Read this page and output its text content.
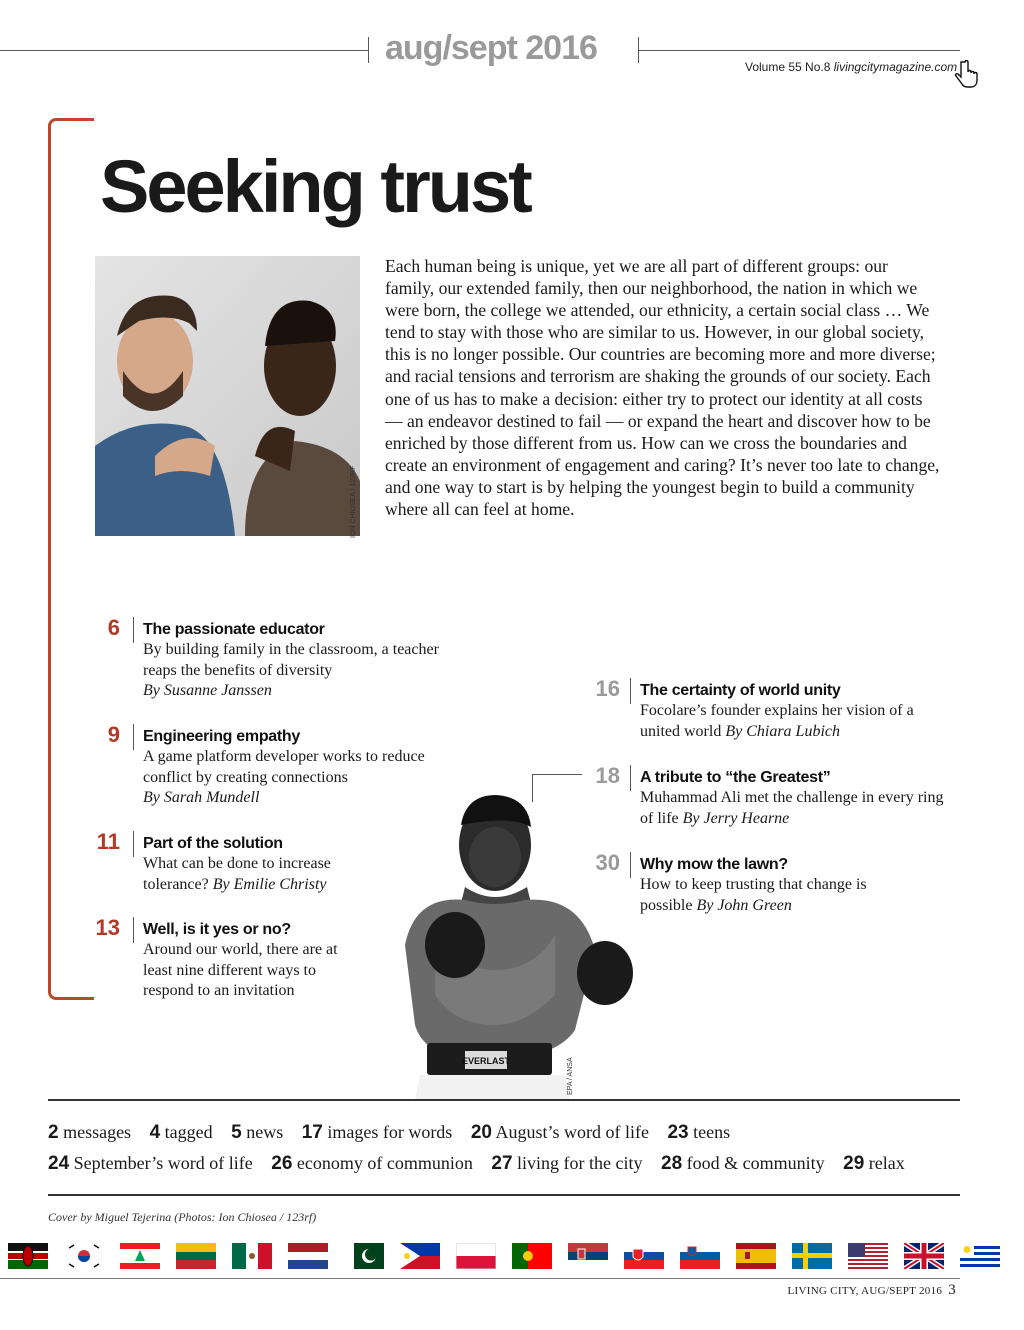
aug/sept 2016	Volume 55 No.8 livingcitymagazine.com
Seeking trust
ION CHIOSEA / 123RF
Each human being is unique, yet we are all part of different groups: our family, our extended family, then our neighborhood, the nation in which we were born, the college we attended, our ethnicity, a certain social class … We tend to stay with those who are similar to us. However, in our global society, this is no longer possible. Our countries are becoming more and more diverse; and racial tensions and terrorism are shaking the grounds of our society. Each one of us has to make a decision: either try to protect our identity at all costs — an endeavor destined to fail — or expand the heart and discover how to be enriched by those different from us. How can we cross the boundaries and create an environment of engagement and caring? It’s never too late to change, and one way to start is by helping the youngest begin to build a community where all can feel at home.
EVERLAST	EPA / ANSA
6 The passionate educator
By building family in the classroom, a teacher reaps the benefits of diversity
By Susanne Janssen
9 Engineering empathy
A game platform developer works to reduce conflict by creating connections
By Sarah Mundell
11 Part of the solution
What can be done to increase tolerance? By Emilie Christy
13 Well, is it yes or no?
Around our world, there are at least nine different ways to respond to an invitation
16 The certainty of world unity
Focolare’s founder explains her vision of a united world By Chiara Lubich
18 A tribute to “the Greatest”
Muhammad Ali met the challenge in every ring of life By Jerry Hearne
30 Why mow the lawn?
How to keep trusting that change is possible By John Green
2 messages 4 tagged 5 news 17 images for words 20 August’s word of life 23 teens
24 September’s word of life 26 economy of communion 27 living for the city 28 food & community 29 relax
Cover by Miguel Tejerina (Photos: Ion Chiosea / 123rf)
LIVING CITY, AUG/SEPT 2016 3
